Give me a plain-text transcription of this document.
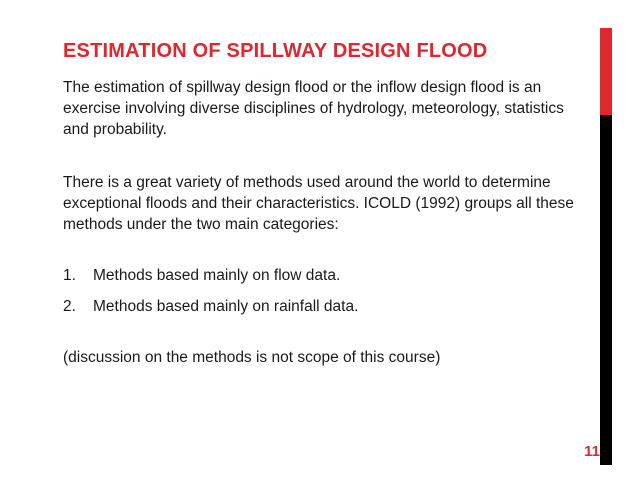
ESTIMATION OF SPILLWAY DESIGN FLOOD

The estimation of spillway design flood or the inflow design flood is an exercise involving diverse disciplines of hydrology, meteorology, statistics and probability.

There is a great variety of methods used around the world to determine exceptional floods and their characteristics. ICOLD (1992) groups all these methods under the two main categories:

1.	Methods based mainly on flow data.
2.	Methods based mainly on rainfall data.

(discussion on the methods is not scope of this course)

11
